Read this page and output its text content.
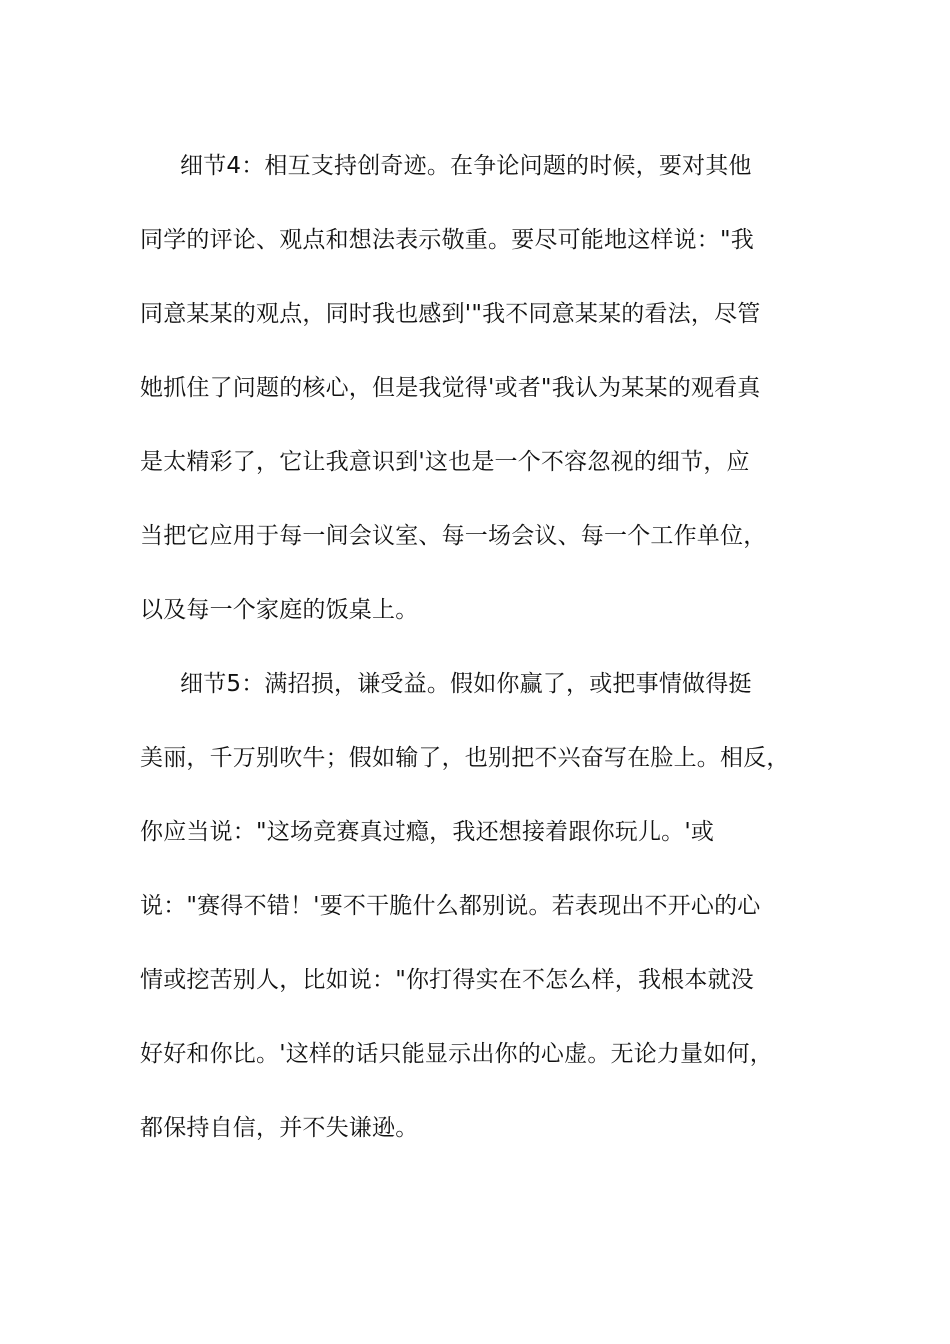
细节4：相互支持创奇迹。在争论问题的时候，要对其他
同学的评论、观点和想法表示敬重。要尽可能地这样说："我
同意某某的观点，同时我也感到'"我不同意某某的看法，尽管
她抓住了问题的核心，但是我觉得'或者"我认为某某的观看真
是太精彩了，它让我意识到'这也是一个不容忽视的细节，应
当把它应用于每一间会议室、每一场会议、每一个工作单位，
以及每一个家庭的饭桌上。
细节5：满招损，谦受益。假如你赢了，或把事情做得挺
美丽，千万别吹牛；假如输了，也别把不兴奋写在脸上。相反，
你应当说："这场竞赛真过瘾，我还想接着跟你玩儿。'或
说："赛得不错！'要不干脆什么都别说。若表现出不开心的心
情或挖苦别人，比如说："你打得实在不怎么样，我根本就没
好好和你比。'这样的话只能显示出你的心虚。无论力量如何，
都保持自信，并不失谦逊。
